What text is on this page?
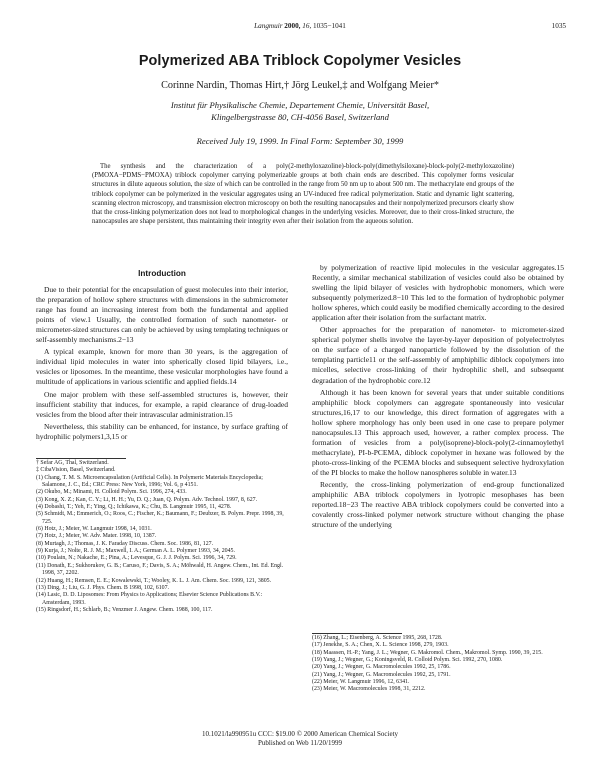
Langmuir 2000, 16, 1035−1041	1035
Polymerized ABA Triblock Copolymer Vesicles
Corinne Nardin, Thomas Hirt,† Jörg Leukel,‡ and Wolfgang Meier*
Institut für Physikalische Chemie, Departement Chemie, Universität Basel,
Klingelbergstrasse 80, CH-4056 Basel, Switzerland
Received July 19, 1999. In Final Form: September 30, 1999
The synthesis and the characterization of a poly(2-methyloxazoline)-block-poly(dimethylsiloxane)-block-poly(2-methyloxazoline) (PMOXA−PDMS−PMOXA) triblock copolymer carrying polymerizable groups at both chain ends are described. This copolymer forms vesicular structures in dilute aqueous solution, the size of which can be controlled in the range from 50 nm up to about 500 nm. The methacrylate end groups of the triblock copolymer can be polymerized in the vesicular aggregates using an UV-induced free radical polymerization. Static and dynamic light scattering, scanning electron microscopy, and transmission electron microscopy on both the resulting nanocapsules and their nonpolymerized precursors clearly show that the cross-linking polymerization does not lead to morphological changes in the underlying vesicles. Moreover, due to their cross-linked structure, the nanocapsules are shape persistent, thus maintaining their integrity even after their isolation from the aqueous solution.
Introduction

Due to their potential for the encapsulation of guest molecules into their interior, the preparation of hollow sphere structures with dimensions in the submicrometer range has found an increasing interest from both the fundamental and applied points of view.1 Usually, the controlled formation of such nanometer- or micrometer-sized structures can only be achieved by using templating techniques or self-assembly mechanisms.2−13

A typical example, known for more than 30 years, is the aggregation of individual lipid molecules in water into spherically closed lipid bilayers, i.e., vesicles or liposomes. In the meantime, these vesicular morphologies have found a multitude of applications in various scientific and applied fields.14

One major problem with these self-assembled structures is, however, their insufficient stability that induces, for example, a rapid clearance of drug-loaded vesicles from the blood after their intravascular administration.15

Nevertheless, this stability can be enhanced, for instance, by surface grafting of hydrophilic polymers1,3,15 or

by polymerization of reactive lipid molecules in the vesicular aggregates.15 Recently, a similar mechanical stabilization of vesicles could also be obtained by swelling the lipid bilayer of vesicles with hydrophobic monomers, which were subsequently polymerized.8−10 This led to the formation of hydrophobic polymer hollow spheres, which could easily be modified chemically according to the desired application after their isolation from the surfactant matrix.

Other approaches for the preparation of nanometer- to micrometer-sized spherical polymer shells involve the layer-by-layer deposition of polyelectrolytes on the surface of a charged nanoparticle followed by the dissolution of the templating particle11 or the self-assembly of amphiphilic diblock copolymers into micelles, selective cross-linking of their hydrophilic shell, and subsequent degradation of the hydrophobic core.12

Although it has been known for several years that under suitable conditions amphiphilic block copolymers can aggregate spontaneously into vesicular structures,16,17 to our knowledge, this direct formation of aggregates with a hollow sphere morphology has only been used in one case to prepare polymer nanocapsules.13 This approach used, however, a rather complex process. The formation of vesicles from a poly(isoprene)-block-poly(2-cinnamoylethyl methacrylate), PI-b-PCEMA, diblock copolymer in hexane was followed by the photo-cross-linking of the PCEMA blocks and subsequent selective hydroxylation of the PI blocks to make the hollow nanospheres soluble in water.13

Recently, the cross-linking polymerization of end-group functionalized amphiphilic ABA triblock copolymers in lyotropic mesophases has been reported.18−23 The reactive ABA triblock copolymers could be converted into a covalently cross-linked polymer network structure without changing the phase structure of the underlying

† Sefar AG, Thal, Switzerland.
‡ CibaVision, Basel, Switzerland.
(1) Chang, T. M. S. Microencapsulation (Artificial Cells). In Polymeric Materials Encyclopedia; Salamone, J. C., Ed.; CRC Press: New York, 1996; Vol. 6, p 4151.
(2) Okubo, M.; Minami, H. Colloid Polym. Sci. 1996, 274, 433.
(3) Kong, X. Z.; Kan, C. Y.; Li, H. H.; Yu, D. Q.; Juan, Q. Polym. Adv. Technol. 1997, 8, 627.
(4) Dobashi, T.; Yeh, F.; Ying, Q.; Ichikawa, K.; Chu, B. Langmuir 1995, 11, 4278.
(5) Schmidt, M.; Emmerich, O.; Roos, C.; Fischer, K.; Baumann, F.; Deubzer, B. Polym. Prepr. 1998, 39, 725.
(6) Hotz, J.; Meier, W. Langmuir 1998, 14, 1031.
(7) Hotz, J.; Meier, W. Adv. Mater. 1998, 10, 1387.
(8) Murtagh, J.; Thomas, J. K. Faraday Discuss. Chem. Soc. 1986, 81, 127.
(9) Kurja, J.; Nolte, R. J. M.; Maxwell, I. A.; German A. L. Polymer 1993, 34, 2045.
(10) Poulain, N.; Nakache, E.; Pina, A.; Levesque, G. J. J. Polym. Sci. 1996, 34, 729.
(11) Donath, E.; Sukhorukov, G. B.; Caruso, F.; Davis, S. A.; Möhwald, H. Angew. Chem., Int. Ed. Engl. 1998, 37, 2202.
(12) Huang, H.; Remsen, E. E.; Kowalewski, T.; Wooley, K. L. J. Am. Chem. Soc. 1999, 121, 3805.
(13) Ding, J.; Liu, G. J. Phys. Chem. B 1998, 102, 6107.
(14) Lasic, D. D. Liposomes: From Physics to Applications; Elsevier Science Publications B.V.: Amsterdam, 1993.
(15) Ringsdorf, H.; Schlarb, B.; Venzmer J. Angew. Chem. 1988, 100, 117.
(16) Zhang, L.; Eisenberg, A. Science 1995, 268, 1728.
(17) Jenekhe, S. A.; Chen, X. L. Science 1998, 279, 1903.
(18) Maassen, H.-P.; Yang, J. L.; Wegner, G. Makromol. Chem., Makromol. Symp. 1990, 39, 215.
(19) Yang, J.; Wegner, G.; Koningsveld, R. Colloid Polym. Sci. 1992, 270, 1080.
(20) Yang, J.; Wegner, G. Macromolecules 1992, 25, 1786.
(21) Yang, J.; Wegner, G. Macromolecules 1992, 25, 1791.
(22) Meier, W. Langmuir 1996, 12, 6341.
(23) Meier, W. Macromolecules 1998, 31, 2212.
10.1021/la990951u CCC: $19.00 © 2000 American Chemical Society
Published on Web 11/20/1999
